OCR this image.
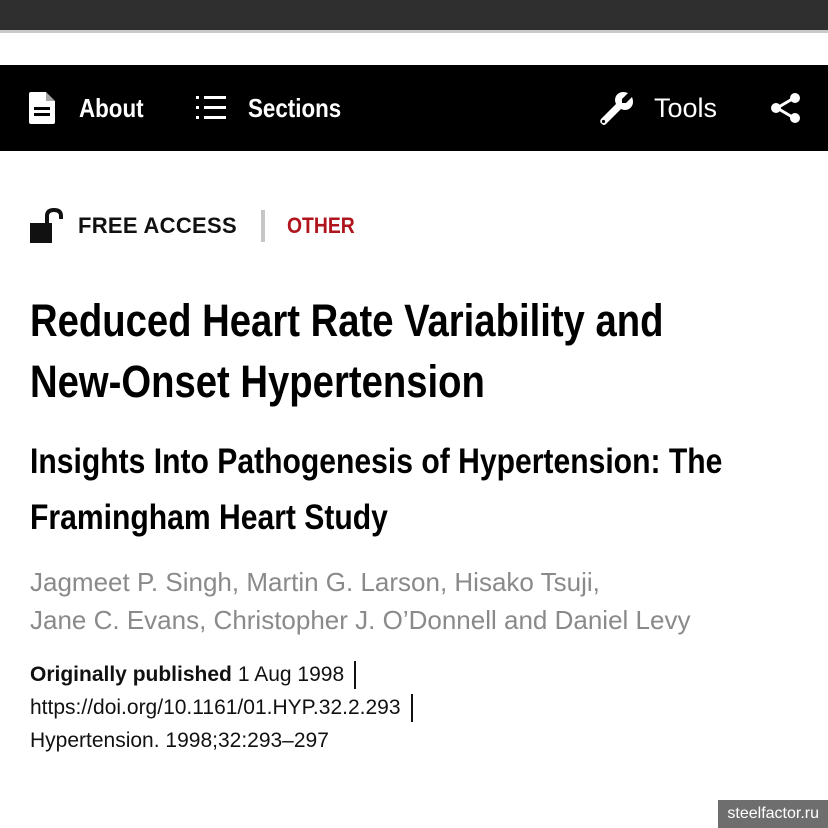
About	Sections	Tools
FREE ACCESS OTHER
Reduced Heart Rate Variability and
New-Onset Hypertension
Insights Into Pathogenesis of Hypertension: The
Framingham Heart Study
Jagmeet P. Singh, Martin G. Larson, Hisako Tsuji,
Jane C. Evans, Christopher J. O’Donnell and Daniel Levy
Originally published 1 Aug 1998
https://doi.org/10.1161/01.HYP.32.2.293
Hypertension. 1998;32:293–297
steelfactor.ru
